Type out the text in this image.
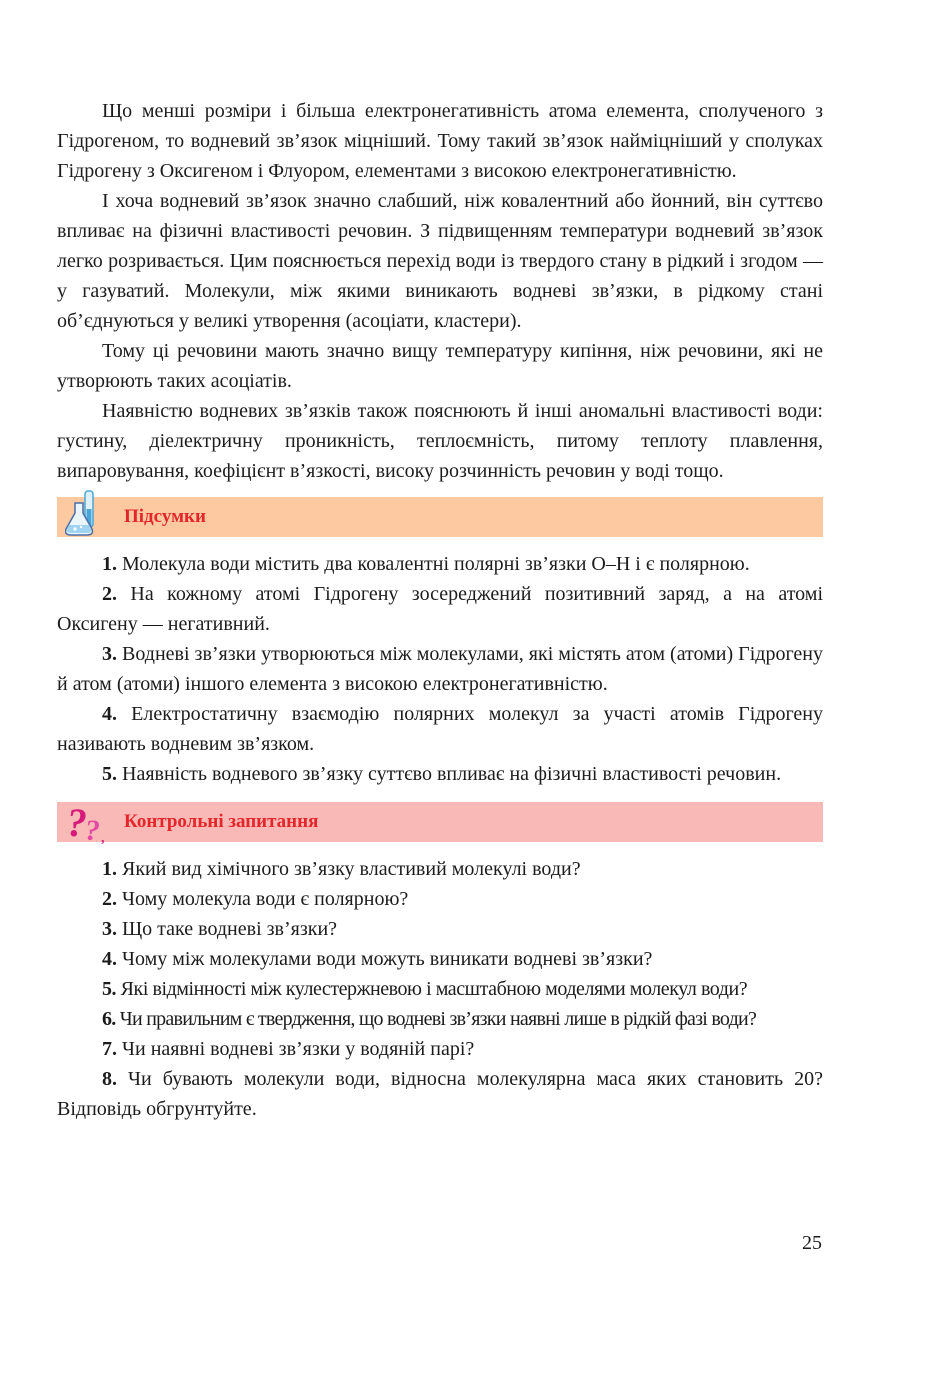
Що менші розміри і більша електронегативність атома елемента, сполученого з Гідрогеном, то водневий зв’язок міцніший. Тому такий зв’язок найміцніший у сполуках Гідрогену з Оксигеном і Флуором, елементами з високою електронегативністю.

І хоча водневий зв’язок значно слабший, ніж ковалентний або йонний, він суттєво впливає на фізичні властивості речовин. З підвищенням температури водневий зв’язок легко розривається. Цим пояснюється перехід води із твердого стану в рідкий і згодом — у газуватий. Молекули, між якими виникають водневі зв’язки, в рідкому стані об’єднуються у великі утворення (асоціати, кластери).

Тому ці речовини мають значно вищу температуру кипіння, ніж речовини, які не утворюють таких асоціатів.

Наявністю водневих зв’язків також пояснюють й інші аномальні властивості води: густину, діелектричну проникність, теплоємність, питому теплоту плавлення, випаровування, коефіцієнт в’язкості, високу розчинність речовин у воді тощо.

Підсумки

1. Молекула води містить два ковалентні полярні зв’язки О–Н і є полярною.

2. На кожному атомі Гідрогену зосереджений позитивний заряд, а на атомі Оксигену — негативний.

3. Водневі зв’язки утворюються між молекулами, які містять атом (атоми) Гідрогену й атом (атоми) іншого елемента з високою електронегативністю.

4. Електростатичну взаємодію полярних молекул за участі атомів Гідрогену називають водневим зв’язком.

5. Наявність водневого зв’язку суттєво впливає на фізичні властивості речовин.

?
? ,
Контрольні запитання

1. Який вид хімічного зв’язку властивий молекулі води?

2. Чому молекула води є полярною?

3. Що таке водневі зв’язки?

4. Чому між молекулами води можуть виникати водневі зв’язки?

5. Які відмінності між кулестержневою і масштабною моделями молекул води?

6. Чи правильним є твердження, що водневі зв’язки наявні лише в рідкій фазі води?

7. Чи наявні водневі зв’язки у водяній парі?

8. Чи бувають молекули води, відносна молекулярна маса яких становить 20? Відповідь обгрунтуйте.

25
